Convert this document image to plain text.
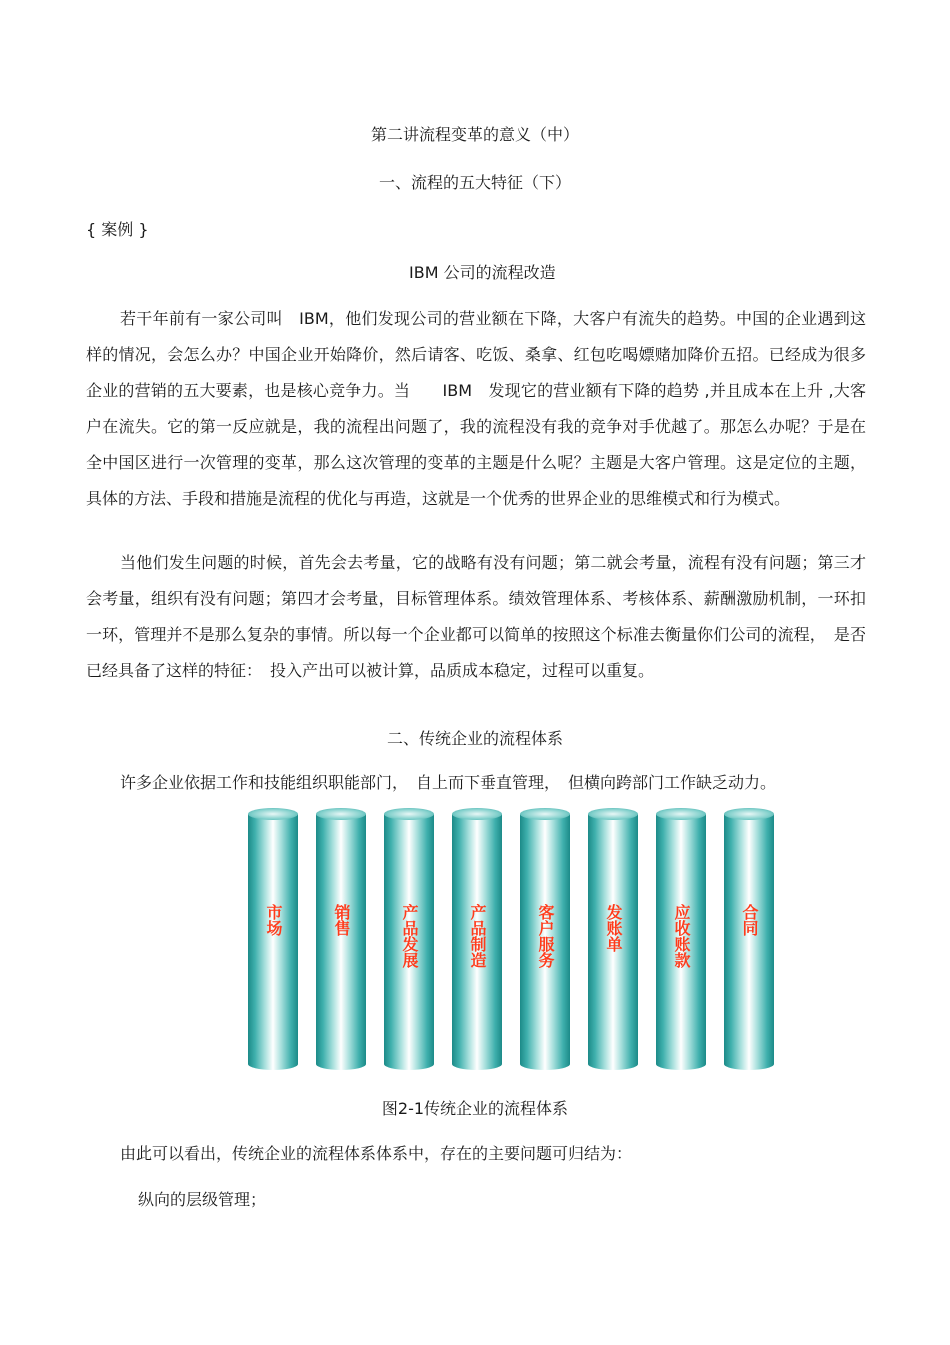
第二讲流程变革的意义（中）
一、流程的五大特征（下）
{ 案例 }
IBM 公司的流程改造
若干年前有一家公司叫　IBM，他们发现公司的营业额在下降，大客户有流失的趋势。中国的企业遇到这样的情况，会怎么办？中国企业开始降价，然后请客、吃饭、桑拿、红包吃喝嫖赌加降价五招。已经成为很多企业的营销的五大要素，也是核心竞争力。当　　IBM　发现它的营业额有下降的趋势 ,并且成本在上升 ,大客户在流失。它的第一反应就是，我的流程出问题了，我的流程没有我的竞争对手优越了。那怎么办呢？于是在全中国区进行一次管理的变革，那么这次管理的变革的主题是什么呢？主题是大客户管理。这是定位的主题，具体的方法、手段和措施是流程的优化与再造，这就是一个优秀的世界企业的思维模式和行为模式。
当他们发生问题的时候，首先会去考量，它的战略有没有问题；第二就会考量，流程有没有问题；第三才会考量，组织有没有问题；第四才会考量，目标管理体系。绩效管理体系、考核体系、薪酬激励机制，一环扣一环，管理并不是那么复杂的事情。所以每一个企业都可以简单的按照这个标准去衡量你们公司的流程，　是否已经具备了这样的特征：　投入产出可以被计算，品质成本稳定，过程可以重复。
二、传统企业的流程体系
许多企业依据工作和技能组织职能部门，　自上而下垂直管理，　但横向跨部门工作缺乏动力。
市场	销售	产品发展	产品制造	客户服务	发账单	应收账款	合同
图2-1传统企业的流程体系
由此可以看出，传统企业的流程体系体系中，存在的主要问题可归结为：
纵向的层级管理；
